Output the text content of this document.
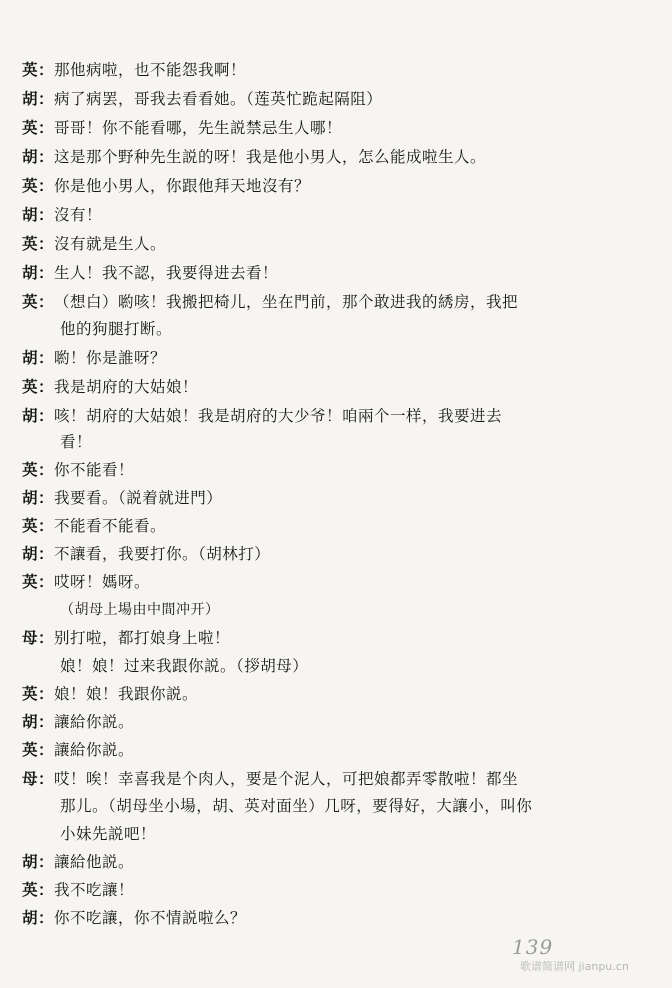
英：那他病啦，也不能怨我啊！
胡：病了病罢，哥我去看看她。（莲英忙跪起隔阻）
英：哥哥！你不能看哪，先生説禁忌生人哪！
胡：这是那个野种先生説的呀！我是他小男人，怎么能成啦生人。
英：你是他小男人，你跟他拜天地沒有？
胡：沒有！
英：沒有就是生人。
胡：生人！我不認，我要得进去看！
英：（想白）喲咳！我搬把椅儿，坐在門前，那个敢进我的綉房，我把
他的狗腿打断。
胡：喲！你是誰呀？
英：我是胡府的大姑娘！
胡：咳！胡府的大姑娘！我是胡府的大少爷！咱兩个一样，我要进去
看！
英：你不能看！
胡：我要看。（説着就进門）
英：不能看不能看。
胡：不讓看，我要打你。（胡林打）
英：哎呀！媽呀。
（胡母上場由中間冲开）
母：别打啦，都打娘身上啦！
娘！娘！过来我跟你説。（拶胡母）
英：娘！娘！我跟你説。
胡：讓給你説。
英：讓給你説。
母：哎！唉！幸喜我是个肉人，要是个泥人，可把娘都弄零散啦！都坐
那儿。（胡母坐小場，胡、英对面坐）几呀，要得好，大讓小，叫你
小妹先説吧！
胡：讓給他説。
英：我不吃讓！
胡：你不吃讓，你不情説啦么？
139
歌谱简谱网 jianpu.cn
